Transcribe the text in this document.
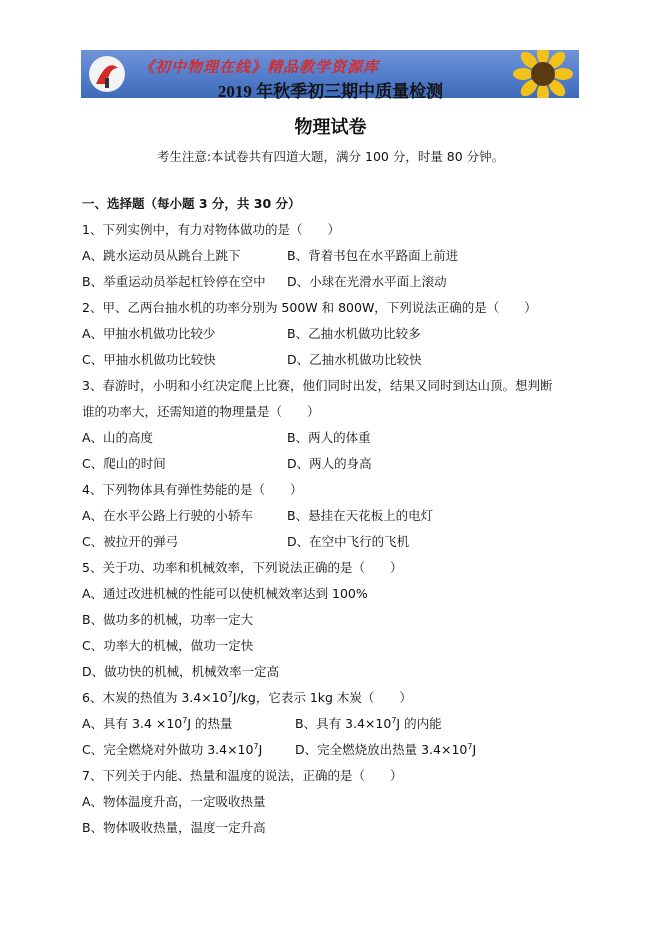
《初中物理在线》精品教学资源库
2019 年秋季初三期中质量检测
物理试卷
考生注意:本试卷共有四道大题，满分 100 分，时量 80 分钟。
一、选择题（每小题 3 分，共 30 分）
1、下列实例中，有力对物体做功的是（　　）
A、跳水运动员从跳台上跳下	B、背着书包在水平路面上前进
B、举重运动员举起杠铃停在空中 D、小球在光滑水平面上滚动
2、甲、乙两台抽水机的功率分别为 500W 和 800W，下列说法正确的是（　　）
A、甲抽水机做功比较少	B、乙抽水机做功比较多
C、甲抽水机做功比较快	D、乙抽水机做功比较快
3、春游时，小明和小红决定爬上比赛，他们同时出发，结果又同时到达山顶。想判断
谁的功率大，还需知道的物理量是（　　）
A、山的高度	B、两人的体重
C、爬山的时间	D、两人的身高
4、下列物体具有弹性势能的是（　　）
A、在水平公路上行驶的小轿车	B、悬挂在天花板上的电灯
C、被拉开的弹弓	D、在空中飞行的飞机
5、关于功、功率和机械效率，下列说法正确的是（　　）
A、通过改进机械的性能可以使机械效率达到 100%
B、做功多的机械，功率一定大
C、功率大的机械，做功一定快
D、做功快的机械，机械效率一定高
6、木炭的热值为 $3.4\times 10^7J/kg$，它表示 1kg 木炭（　　）
A、具有 $3.4 \times 10^7J$ 的热量	B、具有 $3.4\times 10^7J$ 的内能
C、完全燃烧对外做功 $3.4\times 10^7J$	D、完全燃烧放出热量 $3.4\times 10^7J$
7、下列关于内能、热量和温度的说法，正确的是（　　）
A、物体温度升高，一定吸收热量
B、物体吸收热量，温度一定升高
